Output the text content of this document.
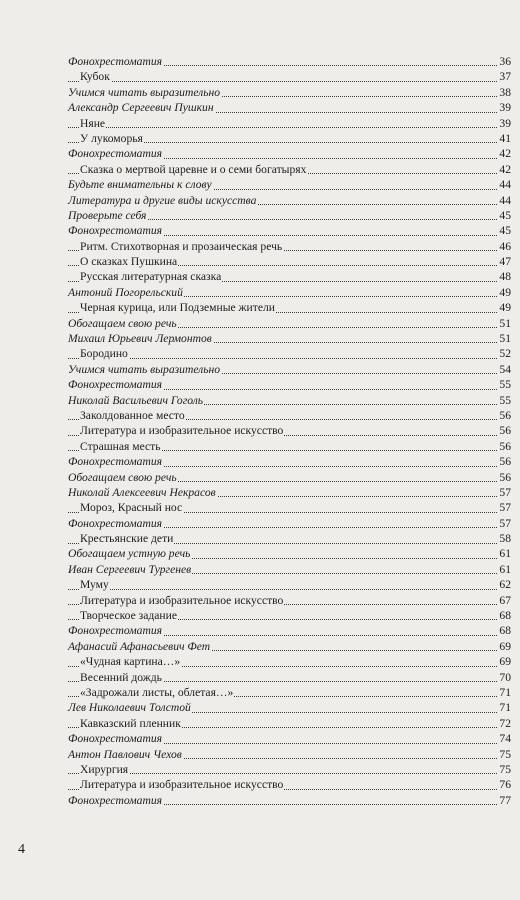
Фонохрестоматия	36
Кубок	37
Учимся читать выразительно	38
Александр Сергеевич Пушкин	39
Няне	39
У лукоморья	41
Фонохрестоматия	42
Сказка о мертвой царевне и о семи богатырях	42
Будьте внимательны к слову	44
Литература и другие виды искусства	44
Проверьте себя	45
Фонохрестоматия	45
Ритм. Стихотворная и прозаическая речь	46
О сказках Пушкина	47
Русская литературная сказка	48
Антоний Погорельский	49
Черная курица, или Подземные жители	49
Обогащаем свою речь	51
Михаил Юрьевич Лермонтов	51
Бородино	52
Учимся читать выразительно	54
Фонохрестоматия	55
Николай Васильевич Гоголь	55
Заколдованное место	56
Литература и изобразительное искусство	56
Страшная месть	56
Фонохрестоматия	56
Обогащаем свою речь	56
Николай Алексеевич Некрасов	57
Мороз, Красный нос	57
Фонохрестоматия	57
Крестьянские дети	58
Обогащаем устную речь	61
Иван Сергеевич Тургенев	61
Муму	62
Литература и изобразительное искусство	67
Творческое задание	68
Фонохрестоматия	68
Афанасий Афанасьевич Фет	69
«Чудная картина…»	69
Весенний дождь	70
«Задрожали листы, облетая…»	71
Лев Николаевич Толстой	71
Кавказский пленник	72
Фонохрестоматия	74
Антон Павлович Чехов	75
Хирургия	75
Литература и изобразительное искусство	76
Фонохрестоматия	77
4
